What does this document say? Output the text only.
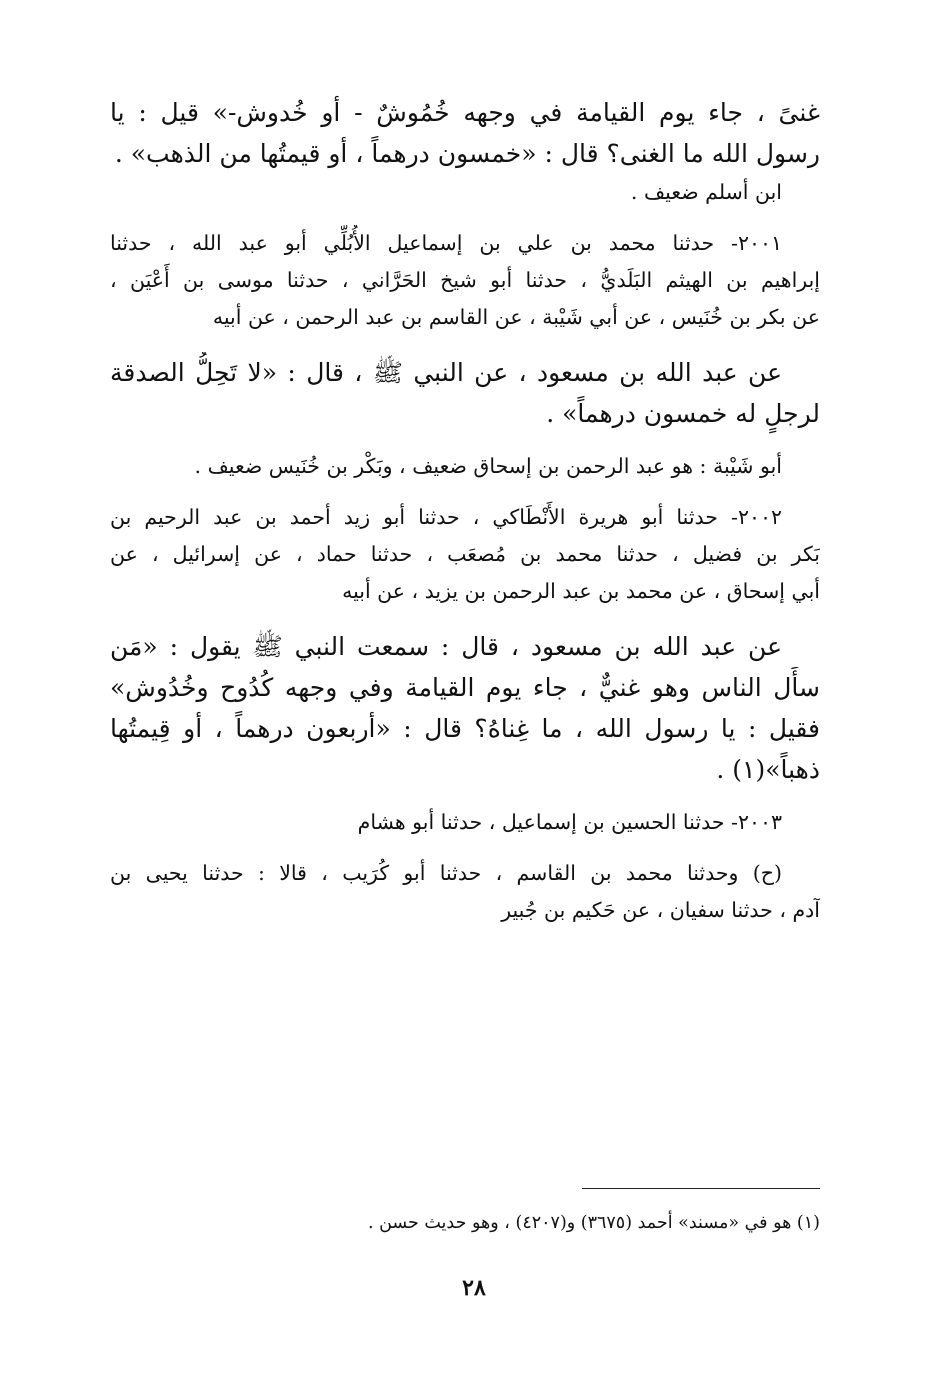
غنىً ، جاء يوم القيامة في وجهه خُمُوشٌ - أو خُدوش-» قيل : يا
رسول الله ما الغنى؟ قال : «خمسون درهماً ، أو قيمتُها من الذهب» .
ابن أسلم ضعيف .
٢٠٠١- حدثنا محمد بن علي بن إسماعيل الأُبُلِّي أبو عبد الله ، حدثنا
إبراهيم بن الهيثم البَلَديُّ ، حدثنا أبو شيخ الحَرَّاني ، حدثنا موسى بن أَعْيَن ،
عن بكر بن خُنَيس ، عن أبي شَيْبة ، عن القاسم بن عبد الرحمن ، عن أبيه
عن عبد الله بن مسعود ، عن النبي ﷺ ، قال : «لا تَحِلُّ الصدقة
لرجلٍ له خمسون درهماً» .
أبو شَيْبة : هو عبد الرحمن بن إسحاق ضعيف ، وبَكْر بن خُنَيس ضعيف .
٢٠٠٢- حدثنا أبو هريرة الأَنْطَاكي ، حدثنا أبو زيد أحمد بن عبد الرحيم بن
بَكر بن فضيل ، حدثنا محمد بن مُصعَب ، حدثنا حماد ، عن إسرائيل ، عن
أبي إسحاق ، عن محمد بن عبد الرحمن بن يزيد ، عن أبيه
عن عبد الله بن مسعود ، قال : سمعت النبي ﷺ يقول : «مَن
سأَل الناس وهو غنيٌّ ، جاء يوم القيامة وفي وجهه كُدُوح وخُدُوش»
فقيل : يا رسول الله ، ما غِناهُ؟ قال : «أربعون درهماً ، أو قِيمتُها
ذهباً»(١) .
٢٠٠٣- حدثنا الحسين بن إسماعيل ، حدثنا أبو هشام
(ح) وحدثنا محمد بن القاسم ، حدثنا أبو كُرَيب ، قالا : حدثنا يحيى بن
آدم ، حدثنا سفيان ، عن حَكيم بن جُبير
(١) هو في «مسند» أحمد (٣٦٧٥) و(٤٢٠٧) ، وهو حديث حسن .
٢٨
